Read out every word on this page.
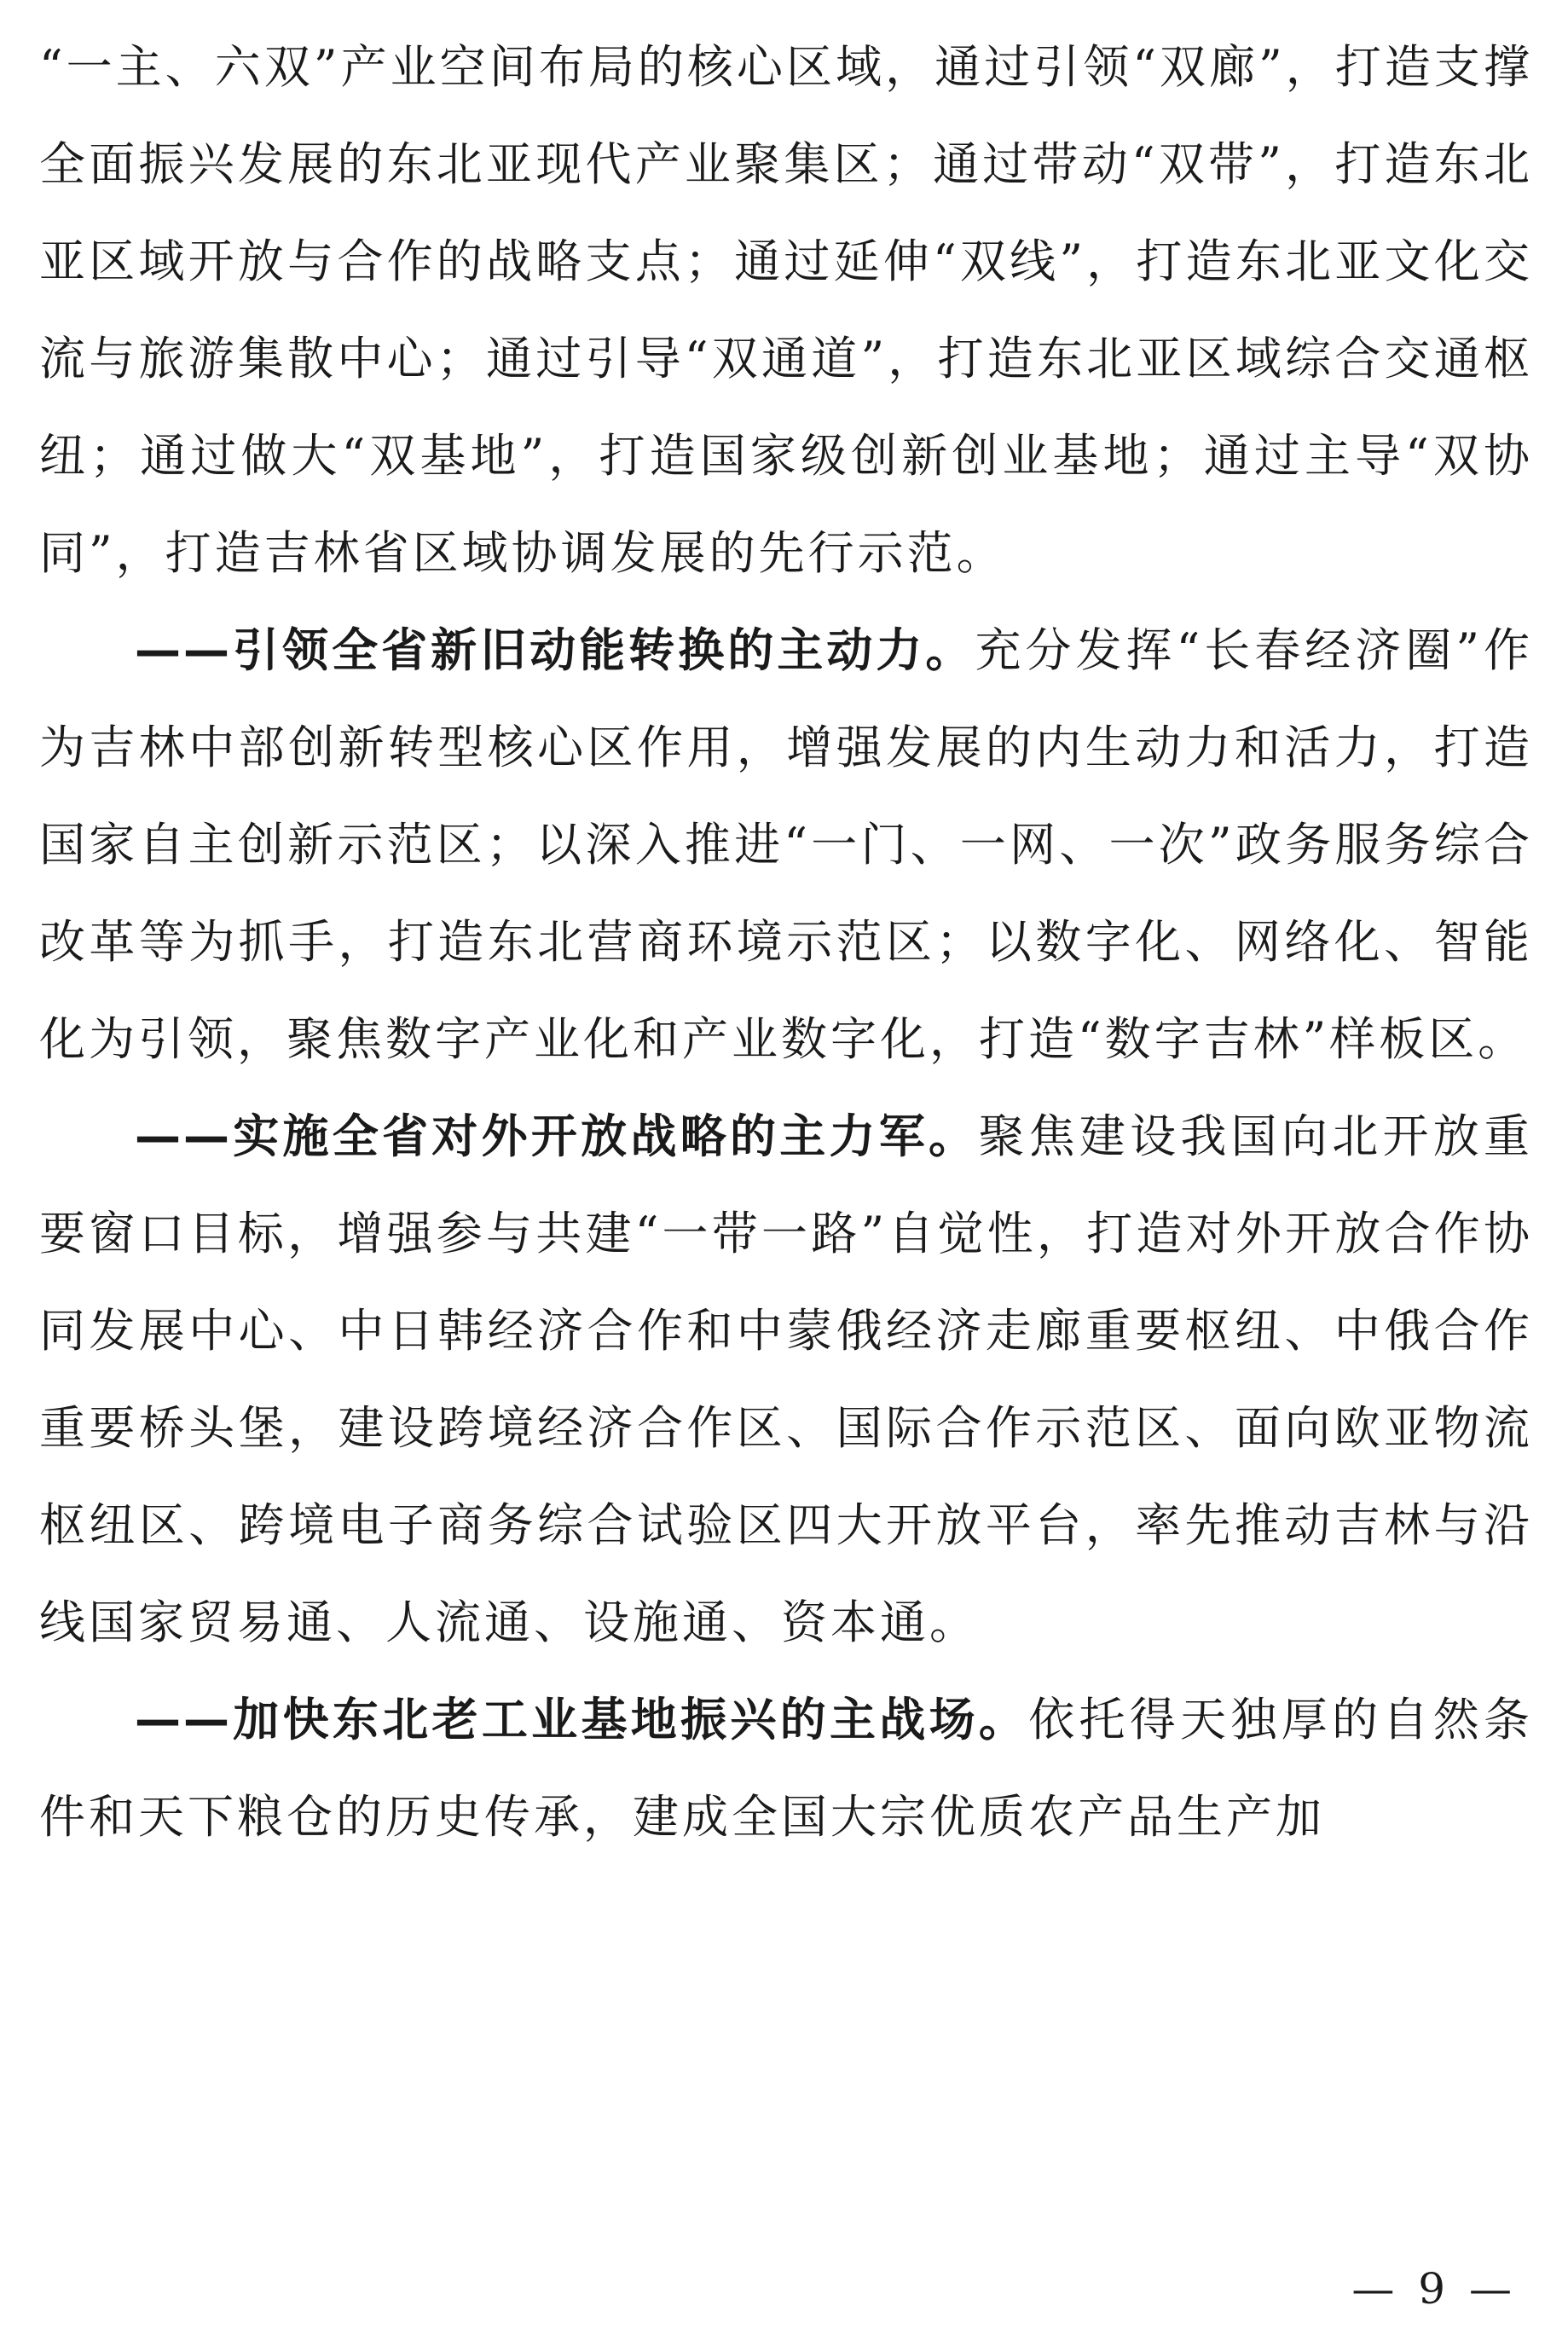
“一主、六双”产业空间布局的核心区域，通过引领“双廊”，打造支撑全面振兴发展的东北亚现代产业聚集区；通过带动“双带”，打造东北亚区域开放与合作的战略支点；通过延伸“双线”，打造东北亚文化交流与旅游集散中心；通过引导“双通道”，打造东北亚区域综合交通枢纽；通过做大“双基地”，打造国家级创新创业基地；通过主导“双协同”，打造吉林省区域协调发展的先行示范。

——引领全省新旧动能转换的主动力。充分发挥“长春经济圈”作为吉林中部创新转型核心区作用，增强发展的内生动力和活力，打造国家自主创新示范区；以深入推进“一门、一网、一次”政务服务综合改革等为抓手，打造东北营商环境示范区；以数字化、网络化、智能化为引领，聚焦数字产业化和产业数字化，打造“数字吉林”样板区。

——实施全省对外开放战略的主力军。聚焦建设我国向北开放重要窗口目标，增强参与共建“一带一路”自觉性，打造对外开放合作协同发展中心、中日韩经济合作和中蒙俄经济走廊重要枢纽、中俄合作重要桥头堡，建设跨境经济合作区、国际合作示范区、面向欧亚物流枢纽区、跨境电子商务综合试验区四大开放平台，率先推动吉林与沿线国家贸易通、人流通、设施通、资本通。

——加快东北老工业基地振兴的主战场。依托得天独厚的自然条件和天下粮仓的历史传承，建成全国大宗优质农产品生产加

— 9 —
